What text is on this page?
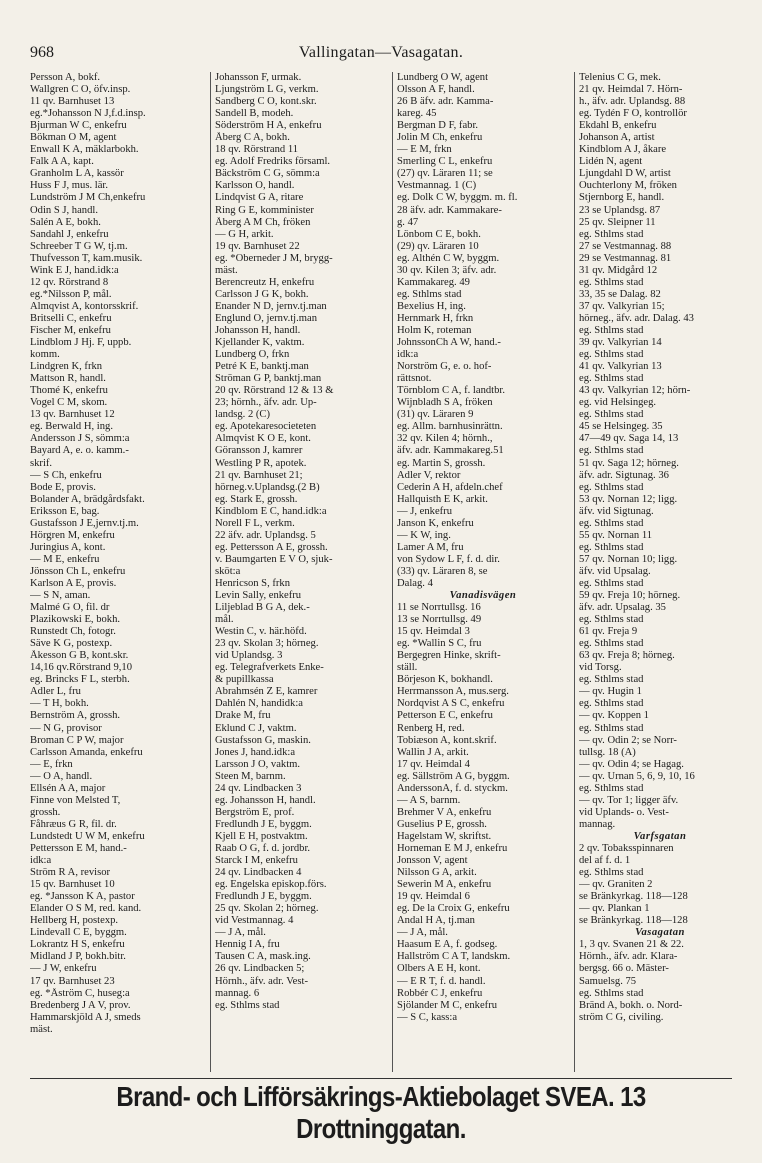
968	Vallingatan—Vasagatan.
Persson A, bokf.
Wallgren C O, öfv.insp.
11 qv. Barnhuset 13
eg.*Johansson N J,f.d.insp.
Bjurman W C, enkefru
Bökman O M, agent
Enwall K A, mäklarbokh.
Falk A A, kapt.
Granholm L A, kassör
Huss F J, mus. lär.
Lundström J M Ch,enkefru
Odin S J, handl.
Salén A E, bokh.
Sandahl J, enkefru
Schreeber T G W, tj.m.
Thufvesson T, kam.musik.
Wink E J, hand.idk:a
12 qv. Rörstrand 8
eg.*Nilsson P, mål.
Almqvist A, kontorsskrif.
Britselli C, enkefru
Fischer M, enkefru
Lindblom J Hj. F, uppb.
komm.
Lindgren K, frkn
Mattson R, handl.
Thomé K, enkefru
Vogel C M, skom.
13 qv. Barnhuset 12
eg. Berwald H, ing.
Andersson J S, sömm:a
Bayard A, e. o. kamm.-
skrif.
— S Ch, enkefru
Bode E, provis.
Bolander A, brädgårdsfakt.
Eriksson E, bag.
Gustafsson J E,jernv.tj.m.
Hörgren M, enkefru
Juringius A, kont.
— M E, enkefru
Jönsson Ch L, enkefru
Karlson A E, provis.
— S N, aman.
Malmé G O, fil. dr
Plazikowski E, bokh.
Runstedt Ch, fotogr.
Säve K G, postexp.
Åkesson G B, kont.skr.
14,16 qv.Rörstrand 9,10
eg. Brincks F L, sterbh.
Adler L, fru
— T H, bokh.
Bernström A, grossh.
— N G, provisor
Broman C P W, major
Carlsson Amanda, enkefru
— E, frkn
— O A, handl.
Ellsén A A, major
Finne von Melsted T,
grossh.
Fåhræus G R, fil. dr.
Lundstedt U W M, enkefru
Pettersson E M, hand.-
idk:a
Ström R A, revisor
15 qv. Barnhuset 10
eg. *Jansson K A, pastor
Elander O S M, red. kand.
Hellberg H, postexp.
Lindevall C E, byggm.
Lokrantz H S, enkefru
Midland J P, bokh.bitr.
— J W, enkefru
17 qv. Barnhuset 23
eg. *Åström C, huseg:a
Bredenberg J A V, prov.
Hammarskjöld A J, smeds
mäst.
Johansson F, urmak.
Ljungström L G, verkm.
Sandberg C O, kont.skr.
Sandell B, modeh.
Söderström H A, enkefru
Åberg C A, bokh.
18 qv. Rörstrand 11
eg. Adolf Fredriks församl.
Bäckström C G, sömm:a
Karlsson O, handl.
Lindqvist G A, ritare
Ring G E, komminister
Åberg A M Ch, fröken
— G H, arkit.
19 qv. Barnhuset 22
eg. *Oberneder J M, brygg-
mäst.
Berencreutz H, enkefru
Carlsson J G K, bokh.
Enander N D, jernv.tj.man
Englund O, jernv.tj.man
Johansson H, handl.
Kjellander K, vaktm.
Lundberg O, frkn
Petré K E, banktj.man
Ströman G P, banktj.man
20 qv. Rörstrand 12 & 13 &
23; hörnh., äfv. adr. Up-
landsg. 2 (C)
eg. Apotekaresocieteten
Almqvist K O E, kont.
Göransson J, kamrer
Westling P R, apotek.
21 qv. Barnhuset 21;
hörneg.v.Uplandsg.(2 B)
eg. Stark E, grossh.
Kindblom E C, hand.idk:a
Norell F L, verkm.
22 äfv. adr. Uplandsg. 5
eg. Pettersson A E, grossh.
v. Baumgarten E V O, sjuk-
sköt:a
Henricson S, frkn
Levin Sally, enkefru
Liljeblad B G A, dek.-
mål.
Westin C, v. här.höfd.
23 qv. Skolan 3; hörneg.
vid Uplandsg. 3
eg. Telegrafverkets Enke-
& pupillkassa
Abrahmsén Z E, kamrer
Dahlén N, handidk:a
Drake M, fru
Eklund C J, vaktm.
Gustafsson G, maskin.
Jones J, hand.idk:a
Larsson J O, vaktm.
Steen M, barnm.
24 qv. Lindbacken 3
eg. Johansson H, handl.
Bergström E, prof.
Fredlundh J E, byggm.
Kjell E H, postvaktm.
Raab O G, f. d. jordbr.
Starck I M, enkefru
24 qv. Lindbacken 4
eg. Engelska episkop.förs.
Fredlundh J E, byggm.
25 qv. Skolan 2; hörneg.
vid Vestmannag. 4
— J A, mål.
Hennig I A, fru
Tausen C A, mask.ing.
26 qv. Lindbacken 5;
Hörnh., äfv. adr. Vest-
mannag. 6
eg. Sthlms stad
Lundberg O W, agent
Olsson A F, handl.
26 B äfv. adr. Kamma-
kareg. 45
Bergman D F, fabr.
Jolin M Ch, enkefru
— E M, frkn
Smerling C L, enkefru
(27) qv. Läraren 11; se
Vestmannag. 1 (C)
eg. Dolk C W, byggm. m. fl.
28 äfv. adr. Kammakare-
g. 47
Lönbom C E, bokh.
(29) qv. Läraren 10
eg. Althén C W, byggm.
30 qv. Kilen 3; äfv. adr.
Kammakareg. 49
eg. Sthlms stad
Bexelius H, ing.
Hernmark H, frkn
Holm K, roteman
JohnssonCh A W, hand.-
idk:a
Norström G, e. o. hof-
rättsnot.
Törnblom C A, f. landtbr.
Wijnbladh S A, fröken
(31) qv. Läraren 9
eg. Allm. barnhusinrättn.
32 qv. Kilen 4; hörnh.,
äfv. adr. Kammakareg.51
eg. Martin S, grossh.
Adler V, rektor
Cederin A H, afdeln.chef
Hallquisth E K, arkit.
— J, enkefru
Janson K, enkefru
— K W, ing.
Lamer A M, fru
von Sydow L F, f. d. dir.
(33) qv. Läraren 8, se
Dalag. 4
Vanadisvägen
11 se Norrtullsg. 16
13 se Norrtullsg. 49
15 qv. Heimdal 3
eg. *Wallin S C, fru
Bergegren Hinke, skrift-
ställ.
Börjeson K, bokhandl.
Herrmansson A, mus.serg.
Nordqvist A S C, enkefru
Petterson E C, enkefru
Renberg H, red.
Tobiæson A, kont.skrif.
Wallin J A, arkit.
17 qv. Heimdal 4
eg. Sällström A G, byggm.
AnderssonA, f. d. styckm.
— A S, barnm.
Brehmer V A, enkefru
Guselius P E, grossh.
Hagelstam W, skriftst.
Horneman E M J, enkefru
Jonsson V, agent
Nilsson G A, arkit.
Sewerin M A, enkefru
19 qv. Heimdal 6
eg. De la Croix G, enkefru
Andal H A, tj.man
— J A, mål.
Haasum E A, f. godseg.
Hallström C A T, landskm.
Olbers A E H, kont.
— E R T, f. d. handl.
Robbér C J, enkefru
Sjölander M C, enkefru
— S C, kass:a
Telenius C G, mek.
21 qv. Heimdal 7. Hörn-
h., äfv. adr. Uplandsg. 88
eg. Tydén F O, kontrollör
Ekdahl B, enkefru
Johanson A, artist
Kindblom A J, åkare
Lidén N, agent
Ljungdahl D W, artist
Ouchterlony M, fröken
Stjernborg E, handl.
23 se Uplandsg. 87
25 qv. Sleipner 11
eg. Sthlms stad
27 se Vestmannag. 88
29 se Vestmannag. 81
31 qv. Midgård 12
eg. Sthlms stad
33, 35 se Dalag. 82
37 qv. Valkyrian 15;
hörneg., äfv. adr. Dalag. 43
eg. Sthlms stad
39 qv. Valkyrian 14
eg. Sthlms stad
41 qv. Valkyrian 13
eg. Sthlms stad
43 qv. Valkyrian 12; hörn-
eg. vid Helsingeg.
eg. Sthlms stad
45 se Helsingeg. 35
47—49 qv. Saga 14, 13
eg. Sthlms stad
51 qv. Saga 12; hörneg.
äfv. adr. Sigtunag. 36
eg. Sthlms stad
53 qv. Nornan 12; ligg.
äfv. vid Sigtunag.
eg. Sthlms stad
55 qv. Nornan 11
eg. Sthlms stad
57 qv. Nornan 10; ligg.
äfv. vid Upsalag.
eg. Sthlms stad
59 qv. Freja 10; hörneg.
äfv. adr. Upsalag. 35
eg. Sthlms stad
61 qv. Freja 9
eg. Sthlms stad
63 qv. Freja 8; hörneg.
vid Torsg.
eg. Sthlms stad
— qv. Hugin 1
eg. Sthlms stad
— qv. Koppen 1
eg. Sthlms stad
— qv. Odin 2; se Norr-
tullsg. 18 (A)
— qv. Odin 4; se Hagag.
— qv. Urnan 5, 6, 9, 10, 16
eg. Sthlms stad
— qv. Tor 1; ligger äfv.
vid Uplands- o. Vest-
mannag.
Varfsgatan
2 qv. Tobaksspinnaren
del af f. d. 1
eg. Sthlms stad
— qv. Graniten 2
se Bränkyrkag. 118—128
— qv. Plankan 1
se Bränkyrkag. 118—128
Vasagatan
1, 3 qv. Svanen 21 & 22.
Hörnh., äfv. adr. Klara-
bergsg. 66 o. Mäster-
Samuelsg. 75
eg. Sthlms stad
Bränd A, bokh. o. Nord-
ström C G, civiling.
Brand- och Lifförsäkrings-Aktiebolaget SVEA. 13 Drottninggatan.
